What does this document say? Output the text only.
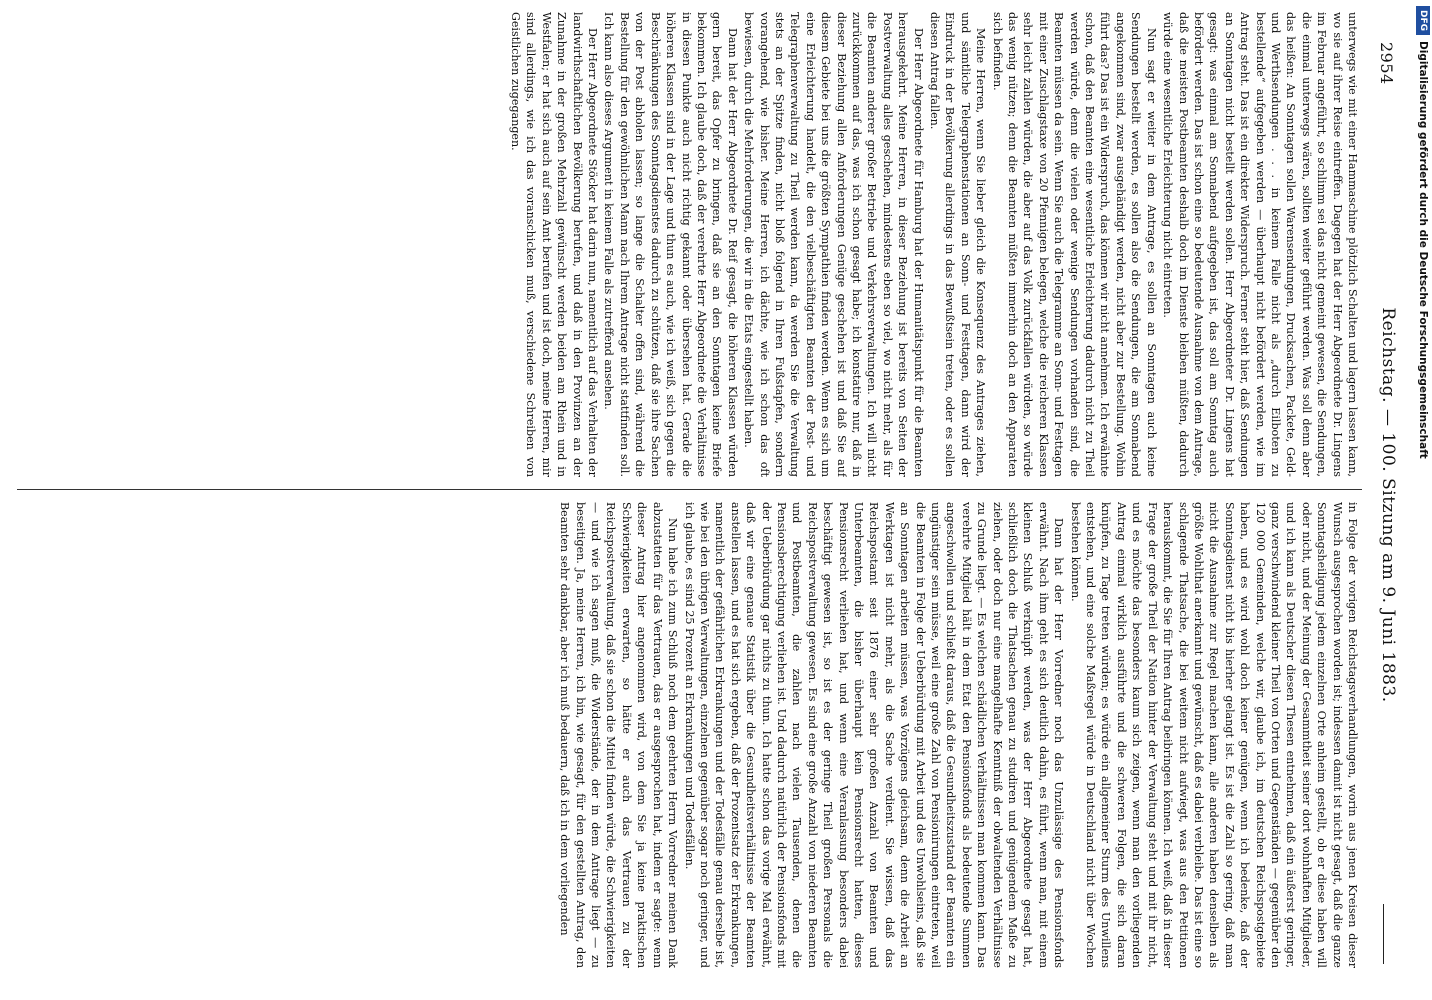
2954
Reichstag. — 100. Sitzung am 9. Juni 1883.

unterwegs wie mit einer Hammaschine plötzlich Schalten und lagern lassen kann, wo sie auf ihrer Reise eintreffen. Dagegen hat der Herr Abgeordnete Dr. Lingens im Februar angeführt, so schlimm sei das nicht gemeint gewesen, die Sendungen, die einmal unterwegs wären, sollten weiter geführt werden. Was soll denn aber das heißen: An Sonntagen sollen Warensendungen, Drucksachen, Packete, Geld- und Werthsendungen . . . in keinem Falle nicht als „durch Eilboten zu bestellende“ aufgegeben werden — überhaupt nicht befördert werden, wie im Antrag steht. Das ist ein direkter Widerspruch. Ferner steht hier, daß Sendungen an Sonntagen nicht bestellt werden sollen. Herr Abgeordneter Dr. Lingens hat gesagt: was einmal am Sonnabend aufgegeben ist, das soll am Sonntag auch befördert werden. Das ist schon eine so bedeutende Ausnahme von dem Antrage, daß die meisten Postbeamten deshalb doch im Dienste bleiben müßten, dadurch würde eine wesentliche Erleichterung nicht eintreten.

Nun sagt er weiter in dem Antrage, es sollen an Sonntagen auch keine Sendungen bestellt werden, es sollen also die Sendungen, die am Sonnabend angekommen sind, zwar ausgehändigt werden, nicht aber zur Bestellung. Wohin führt das? Das ist ein Widerspruch, das können wir nicht annehmen. Ich erwähnte schon, daß den Beamten eine wesentliche Erleichterung dadurch nicht zu Theil werden würde, denn die vielen oder wenige Sendungen vorhanden sind, die Beamten müssen da sein. Wenn Sie auch die Telegramme an Sonn- und Festtagen mit einer Zuschlagstaxe von 20 Pfennigen belegen, welche die reicheren Klassen sehr leicht zahlen würden, die aber auf das Volk zurückfallen würden, so würde das wenig nützen; denn die Beamten müßten immerhin doch an den Apparaten sich befinden.

Meine Herren, wenn Sie lieber gleich die Konsequenz des Antrages ziehen, und sämtliche Telegraphenstationen an Sonn- und Festtagen, dann wird der Eindruck in der Bevölkerung allerdings in das Bewußtsein treten, oder es sollen diesen Antrag fallen.

Der Herr Abgeordnete für Hamburg hat der Humanitätspunkt für die Beamten herausgekehrt. Meine Herren, in dieser Beziehung ist bereits von Seiten der Postverwaltung alles geschehen, mindestens eben so viel, wo nicht mehr, als für die Beamten anderer großer Betriebe und Verkehrsverwaltungen. Ich will nicht zurückkommen auf das, was ich schon gesagt habe; ich konstatire nur, daß in dieser Beziehung allen Anforderungen Genüge geschehen ist und daß Sie auf diesem Gebiete bei uns die größten Sympathien finden werden. Wenn es sich um eine Erleichterung handelt, die den vielbeschäftigten Beamten der Post- und Telegraphenverwaltung zu Theil werden kann, da werden Sie die Verwaltung stets an der Spitze finden, nicht bloß folgend in Ihren Fußstapfen, sondern vorangehend, wie bisher. Meine Herren, ich dächte, wie ich schon das oft bewiesen, durch die Mehrforderungen, die wir in die Etats eingestellt haben.

Dann hat der Herr Abgeordnete Dr. Reif gesagt, die höheren Klassen würden gern bereit, das Opfer zu bringen, daß sie an den Sonntagen keine Briefe bekommen. Ich glaube doch, daß der verehrte Herr Abgeordnete die Verhältnisse in diesen Punkte auch nicht richtig gekannt oder übersehen hat. Gerade die höheren Klassen sind in der Lage und thun es auch, wie ich weiß, sich gegen die Beschränkungen des Sonntagsdienstes dadurch zu schützen, daß sie ihre Sachen von der Post abholen lassen; so lange die Schalter offen sind, während die Bestellung für den gewöhnlichen Mann nach Ihrem Antrage nicht stattfinden soll. Ich kann also dieses Argument in keinem Falle als zutreffend ansehen.

Der Herr Abgeordnete Stöcker hat darin nun, namentlich auf das Verhalten der landwirthschaftlichen Bevölkerung berufen, und daß in den Provinzen an der Zunahme in der großen Mehrzahl gewünscht werden beiden am Rhein und in Westfalen; er hat sich auch auf sein Amt berufen und ist doch, meine Herren, mir sind allerdings, wie ich das voranschicken muß, verschiedene Schreiben von Geistlichen zugegangen.

in Folge der vorigen Reichstagsverhandlungen, worin aus jenen Kreisen dieser Wunsch ausgesprochen worden ist; indessen damit ist nicht gesagt, daß die ganze Sonntagsheiligung jedem einzelnen Orte anheim gestellt, ob er diese haben will oder nicht, und der Meinung der Gesammtheit seiner dort wohnhaften Mitglieder, und ich kann als Deutscher diesen Thesen entnehmen, daß ein äußerst geringer, ganz verschwindend kleiner Theil von Orten und Gegenständen — gegenüber den 120 000 Gemeinden, welche wir, glaube ich, im deutschen Reichspostgebiete haben, und es wird wohl doch keiner genügen, wenn ich bedenke, daß der Sonntagsdienst nicht bis hierher gelangt ist. Es ist die Zahl so gering, daß man nicht die Ausnahme zur Regel machen kann, alle anderen haben denselben als größte Wohlthat anerkannt und gewünscht, daß es dabei verbleibe. Das ist eine so schlagende Thatsache, die bei weitem nicht aufwiegt, was aus den Petitionen herauskommt, die Sie für Ihren Antrag beibringen können. Ich weiß, daß in dieser Frage der große Theil der Nation hinter der Verwaltung steht und mit ihr nicht, und es möchte das besonders kaum sich zeigen, wenn man den vorliegenden Antrag einmal wirklich ausführte und die schweren Folgen, die sich daran knüpfen, zu Tage treten würden; es würde ein allgemeiner Sturm des Unwillens entstehen, und eine solche Maßregel würde in Deutschland nicht über Wochen bestehen können.

Dann hat der Herr Vorredner noch das Unzulässige des Pensionsfonds erwähnt. Nach ihm geht es sich deutlich dahin, es führt, wenn man, mit einem kleinen Schluß verknüpft werden, was der Herr Abgeordnete gesagt hat, schließlich doch die Thatsachen genau zu studiren und genügendem Maße zu ziehen, oder doch nur eine mangelhafte Kenntniß der obwaltenden Verhältnisse zu Grunde liegt. — Es welchen schädlichen Verhältnissen man kommen kann. Das verehrte Mitglied hält in dem Etat den Pensionsfonds als bedeutende Summen angeschwollen und schließt daraus, daß die Gesundheitszustand der Beamten ein ungünstiger sein müsse, weil eine große Zahl von Pensionirungen eintreten, weil die Beamten in Folge der Ueberbürdung mit Arbeit und des Unwohlseins, daß sie an Sonntagen arbeiten müssen, was Vorzügens gleichsam, denn die Arbeit an Werktagen ist nicht mehr, als die Sache verdient. Sie wissen, daß das Reichspostamt seit 1876 einer sehr großen Anzahl von Beamten und Unterbeamten, die bisher überhaupt kein Pensionsrecht hatten, dieses Pensionsrecht verliehen hat, und wenn eine Veranlassung besonders dabei beschäftigt gewesen ist, so ist es der geringe Theil großen Personals die Reichspostverwaltung gewesen. Es sind eine große Anzahl von niederen Beamten und Postbeamten, die zahlen nach vielen Tausenden, denen die Pensionsberechtigung verliehen ist. Und dadurch natürlich der Pensionsfonds mit der Ueberbürdung gar nichts zu thun. Ich hatte schon das vorige Mal erwähnt, daß wir eine genaue Statistik über die Gesundheitsverhältnisse der Beamten anstellen lassen, und es hat sich ergeben, daß der Prozentsatz der Erkrankungen, namentlich der gefährlichen Erkrankungen und der Todesfälle genau derselbe ist, wie bei den übrigen Verwaltungen, einzelnen gegenüber sogar noch geringer, und ich glaube, es sind 25 Prozent an Erkrankungen und Todesfällen.

Nun habe ich zum Schluß noch dem geehrten Herrn Vorredner meinen Dank abzustatten für das Vertrauen, das er ausgesprochen hat, indem er sagte: wenn dieser Antrag hier angenommen wird, von dem Sie ja keine praktischen Schwierigkeiten erwarten, so hätte er auch das Vertrauen zu der Reichspostverwaltung, daß sie schon die Mittel finden würde, die Schwierigkeiten — und wie ich sagen muß, die Widerstände, der in dem Antrage liegt — zu beseitigen. Ja, meine Herren, ich bin, wie gesagt, für den gestellten Antrag, den Beamten sehr dankbar, aber ich muß bedauern, daß ich in dem vorliegenden

DFGDigitalisierung gefördert durch die Deutsche Forschungsgemeinschaft
